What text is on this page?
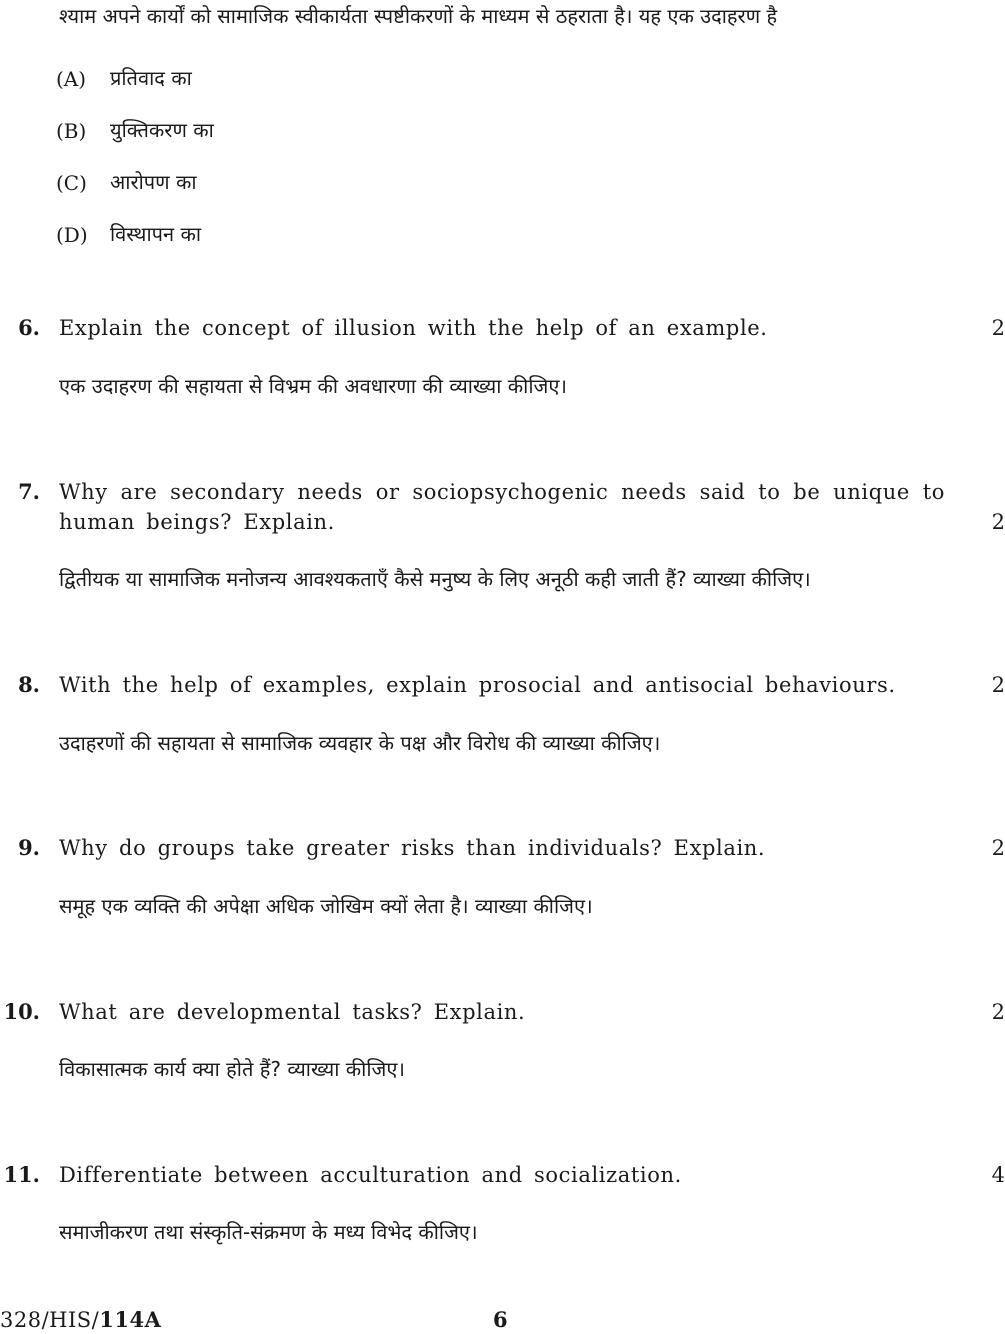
श्याम अपने कार्यों को सामाजिक स्वीकार्यता स्पष्टीकरणों के माध्यम से ठहराता है। यह एक उदाहरण है
(A) प्रतिवाद का
(B) युक्तिकरण का
(C) आरोपण का
(D) विस्थापन का
6. Explain the concept of illusion with the help of an example.	2
एक उदाहरण की सहायता से विभ्रम की अवधारणा की व्याख्या कीजिए।
7. Why are secondary needs or sociopsychogenic needs said to be unique to
human beings? Explain.	2
द्वितीयक या सामाजिक मनोजन्य आवश्यकताएँ कैसे मनुष्य के लिए अनूठी कही जाती हैं? व्याख्या कीजिए।
8. With the help of examples, explain prosocial and antisocial behaviours.	2
उदाहरणों की सहायता से सामाजिक व्यवहार के पक्ष और विरोध की व्याख्या कीजिए।
9. Why do groups take greater risks than individuals? Explain.	2
समूह एक व्यक्ति की अपेक्षा अधिक जोखिम क्यों लेता है। व्याख्या कीजिए।
10. What are developmental tasks? Explain.	2
विकासात्मक कार्य क्या होते हैं? व्याख्या कीजिए।
11. Differentiate between acculturation and socialization.	4
समाजीकरण तथा संस्कृति-संक्रमण के मध्य विभेद कीजिए।
328/HIS/114A	6
